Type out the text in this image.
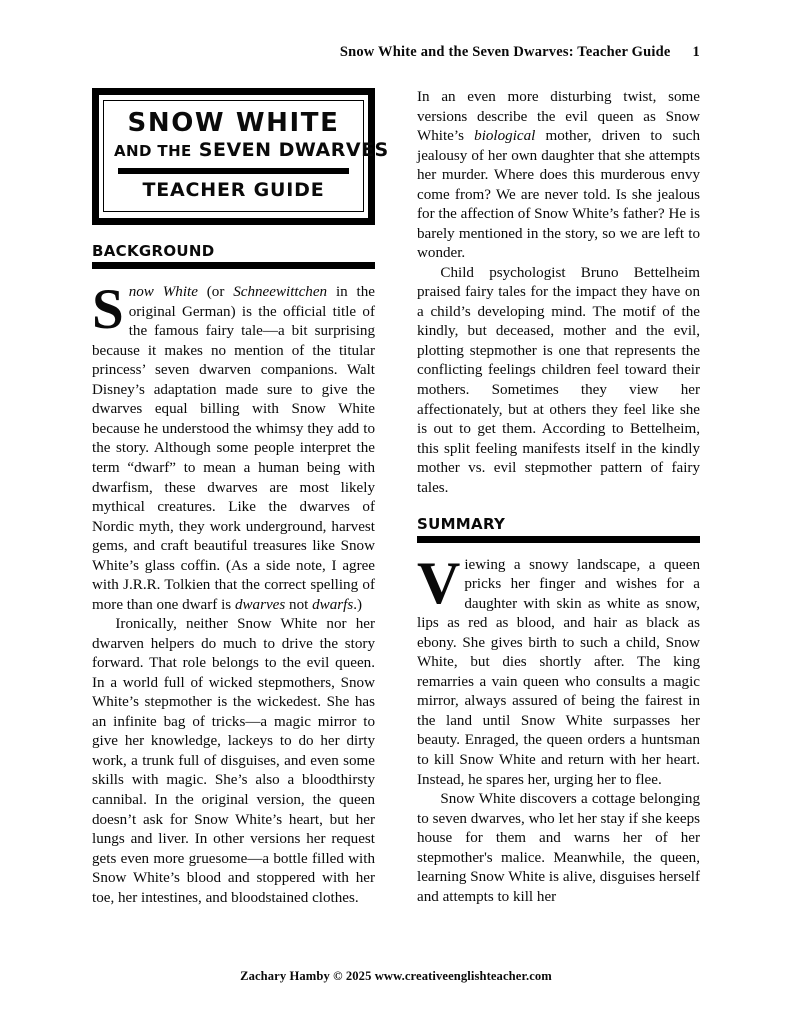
Snow White and the Seven Dwarves: Teacher Guide 1
SNOW WHITE
AND THE SEVEN DWARVES
TEACHER GUIDE
BACKGROUND

Snow White (or Schneewittchen in the original German) is the official title of the famous fairy tale—a bit surprising because it makes no mention of the titular princess’ seven dwarven companions. Walt Disney’s adaptation made sure to give the dwarves equal billing with Snow White because he understood the whimsy they add to the story. Although some people interpret the term “dwarf” to mean a human being with dwarfism, these dwarves are most likely mythical creatures. Like the dwarves of Nordic myth, they work underground, harvest gems, and craft beautiful treasures like Snow White’s glass coffin. (As a side note, I agree with J.R.R. Tolkien that the correct spelling of more than one dwarf is dwarves not dwarfs.)

Ironically, neither Snow White nor her dwarven helpers do much to drive the story forward. That role belongs to the evil queen. In a world full of wicked stepmothers, Snow White’s stepmother is the wickedest. She has an infinite bag of tricks—a magic mirror to give her knowledge, lackeys to do her dirty work, a trunk full of disguises, and even some skills with magic. She’s also a bloodthirsty cannibal. In the original version, the queen doesn’t ask for Snow White’s heart, but her lungs and liver. In other versions her request gets even more gruesome—a bottle filled with Snow White’s blood and stoppered with her toe, her intestines, and bloodstained clothes.

In an even more disturbing twist, some versions describe the evil queen as Snow White’s biological mother, driven to such jealousy of her own daughter that she attempts her murder. Where does this murderous envy come from? We are never told. Is she jealous for the affection of Snow White’s father? He is barely mentioned in the story, so we are left to wonder.

Child psychologist Bruno Bettelheim praised fairy tales for the impact they have on a child’s developing mind. The motif of the kindly, but deceased, mother and the evil, plotting stepmother is one that represents the conflicting feelings children feel toward their mothers. Sometimes they view her affectionately, but at others they feel like she is out to get them. According to Bettelheim, this split feeling manifests itself in the kindly mother vs. evil stepmother pattern of fairy tales.

SUMMARY

Viewing a snowy landscape, a queen pricks her finger and wishes for a daughter with skin as white as snow, lips as red as blood, and hair as black as ebony. She gives birth to such a child, Snow White, but dies shortly after. The king remarries a vain queen who consults a magic mirror, always assured of being the fairest in the land until Snow White surpasses her beauty. Enraged, the queen orders a huntsman to kill Snow White and return with her heart. Instead, he spares her, urging her to flee.

Snow White discovers a cottage belonging to seven dwarves, who let her stay if she keeps house for them and warns her of her stepmother's malice. Meanwhile, the queen, learning Snow White is alive, disguises herself and attempts to kill her

Zachary Hamby © 2025 www.creativeenglishteacher.com
